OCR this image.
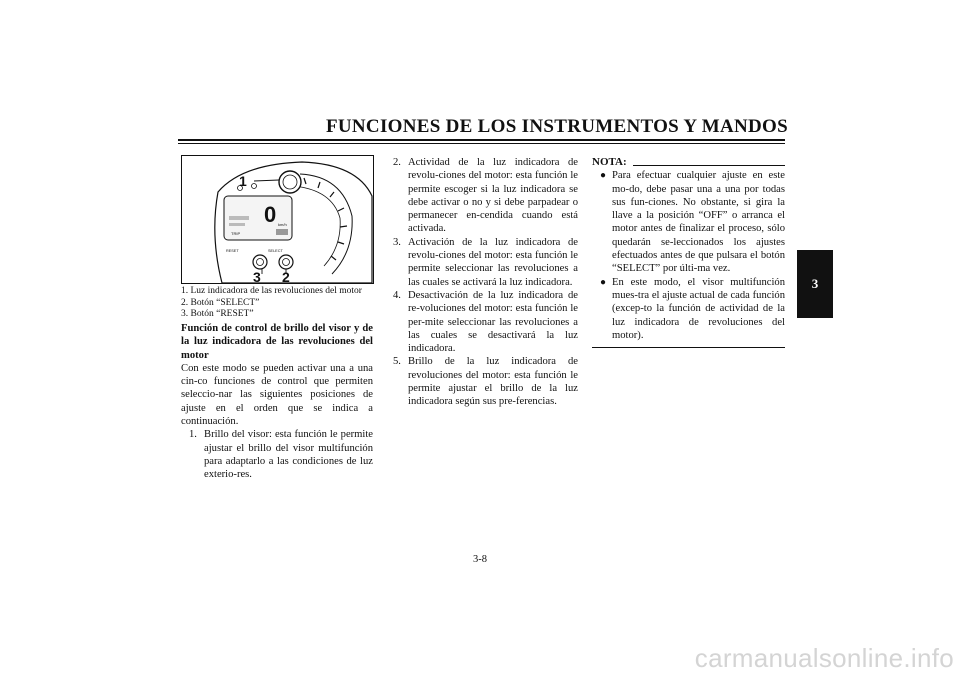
FUNCIONES DE LOS INSTRUMENTOS Y MANDOS
3
TRIP
0 km/h
RESET	SELECT
1
3 2
1. Luz indicadora de las revoluciones del motor
2. Botón “SELECT”
3. Botón “RESET”

Función de control de brillo del visor y de la luz indicadora de las revoluciones del motor

Con este modo se pueden activar una a una cin-co funciones de control que permiten seleccio-nar las siguientes posiciones de ajuste en el orden que se indica a continuación.

1. Brillo del visor: esta función le permite ajustar el brillo del visor multifunción para adaptarlo a las condiciones de luz exterio-res.
2. Actividad de la luz indicadora de revolu-ciones del motor: esta función le permite escoger si la luz indicadora se debe activar o no y si debe parpadear o permanecer en-cendida cuando está activada.
3. Activación de la luz indicadora de revolu-ciones del motor: esta función le permite seleccionar las revoluciones a las cuales se activará la luz indicadora.
4. Desactivación de la luz indicadora de re-voluciones del motor: esta función le per-mite seleccionar las revoluciones a las cuales se desactivará la luz indicadora.
5. Brillo de la luz indicadora de revoluciones del motor: esta función le permite ajustar el brillo de la luz indicadora según sus pre-ferencias.
NOTA:
● Para efectuar cualquier ajuste en este mo-do, debe pasar una a una por todas sus fun-ciones. No obstante, si gira la llave a la posición “OFF” o arranca el motor antes de finalizar el proceso, sólo quedarán se-leccionados los ajustes efectuados antes de que pulsara el botón “SELECT” por últi-ma vez.
● En este modo, el visor multifunción mues-tra el ajuste actual de cada función (excep-to la función de actividad de la luz indicadora de revoluciones del motor).
3-8
carmanualsonline.info
